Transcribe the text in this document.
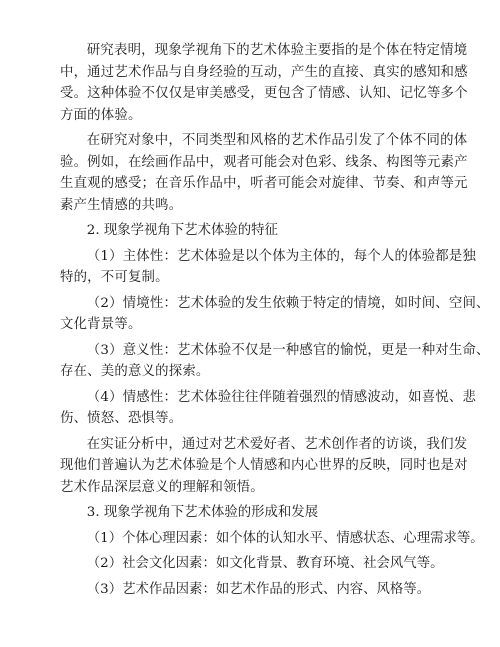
研究表明，现象学视角下的艺术体验主要指的是个体在特定情境
中，通过艺术作品与自身经验的互动，产生的直接、真实的感知和感
受。这种体验不仅仅是审美感受，更包含了情感、认知、记忆等多个
方面的体验。

在研究对象中，不同类型和风格的艺术作品引发了个体不同的体
验。例如，在绘画作品中，观者可能会对色彩、线条、构图等元素产
生直观的感受；在音乐作品中，听者可能会对旋律、节奏、和声等元
素产生情感的共鸣。

2. 现象学视角下艺术体验的特征

（1）主体性：艺术体验是以个体为主体的，每个人的体验都是独
特的，不可复制。

（2）情境性：艺术体验的发生依赖于特定的情境，如时间、空间、
文化背景等。

（3）意义性：艺术体验不仅是一种感官的愉悦，更是一种对生命、
存在、美的意义的探索。

（4）情感性：艺术体验往往伴随着强烈的情感波动，如喜悦、悲
伤、愤怒、恐惧等。

在实证分析中，通过对艺术爱好者、艺术创作者的访谈，我们发
现他们普遍认为艺术体验是个人情感和内心世界的反映，同时也是对
艺术作品深层意义的理解和领悟。

3. 现象学视角下艺术体验的形成和发展

（1）个体心理因素：如个体的认知水平、情感状态、心理需求等。

（2）社会文化因素：如文化背景、教育环境、社会风气等。

（3）艺术作品因素：如艺术作品的形式、内容、风格等。
